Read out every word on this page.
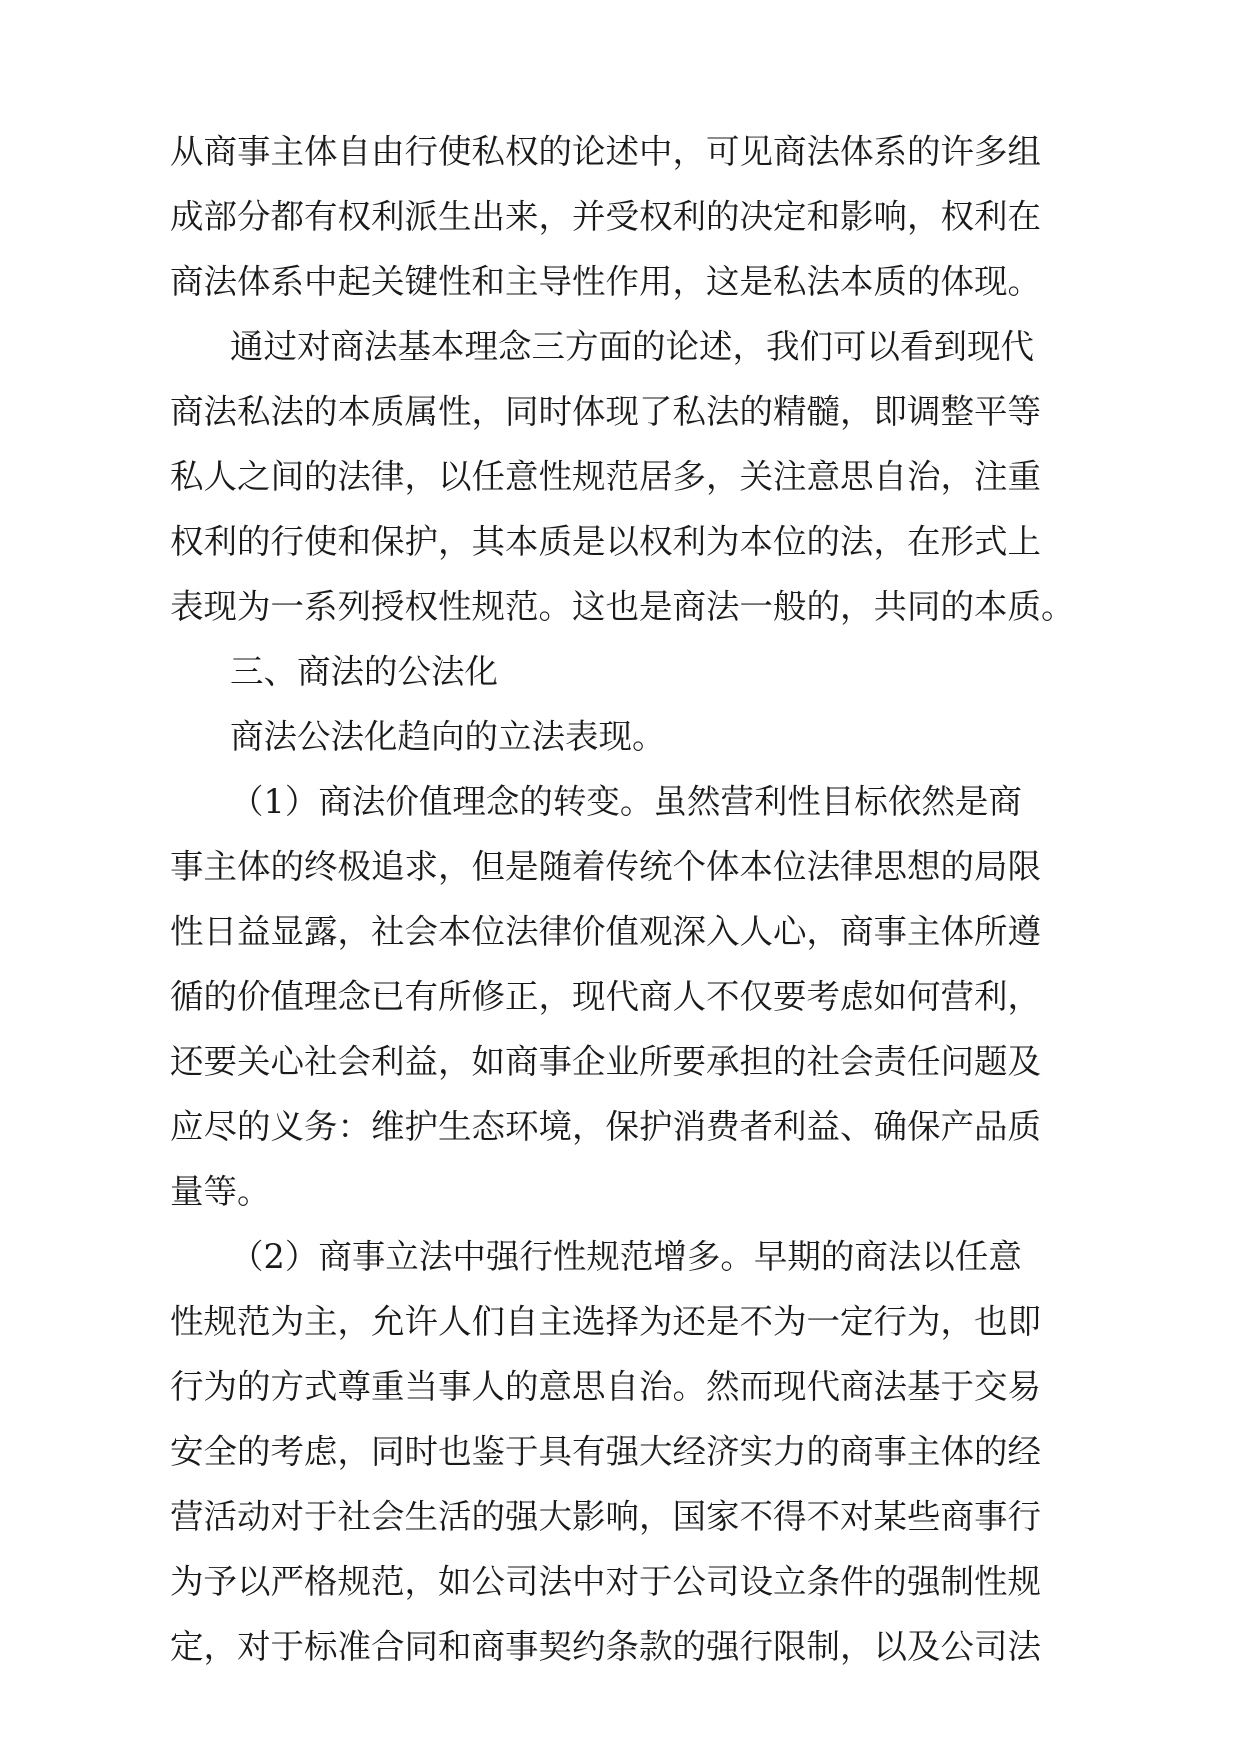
从商事主体自由行使私权的论述中，可见商法体系的许多组

成部分都有权利派生出来，并受权利的决定和影响，权利在

商法体系中起关键性和主导性作用，这是私法本质的体现。

通过对商法基本理念三方面的论述，我们可以看到现代

商法私法的本质属性，同时体现了私法的精髓，即调整平等

私人之间的法律，以任意性规范居多，关注意思自治，注重

权利的行使和保护，其本质是以权利为本位的法，在形式上

表现为一系列授权性规范。这也是商法一般的，共同的本质。

三、商法的公法化

商法公法化趋向的立法表现。

（1）商法价值理念的转变。虽然营利性目标依然是商

事主体的终极追求，但是随着传统个体本位法律思想的局限

性日益显露，社会本位法律价值观深入人心，商事主体所遵

循的价值理念已有所修正，现代商人不仅要考虑如何营利，

还要关心社会利益，如商事企业所要承担的社会责任问题及

应尽的义务：维护生态环境，保护消费者利益、确保产品质

量等。

（2）商事立法中强行性规范增多。早期的商法以任意

性规范为主，允许人们自主选择为还是不为一定行为，也即

行为的方式尊重当事人的意思自治。然而现代商法基于交易

安全的考虑，同时也鉴于具有强大经济实力的商事主体的经

营活动对于社会生活的强大影响，国家不得不对某些商事行

为予以严格规范，如公司法中对于公司设立条件的强制性规

定，对于标准合同和商事契约条款的强行限制，以及公司法
